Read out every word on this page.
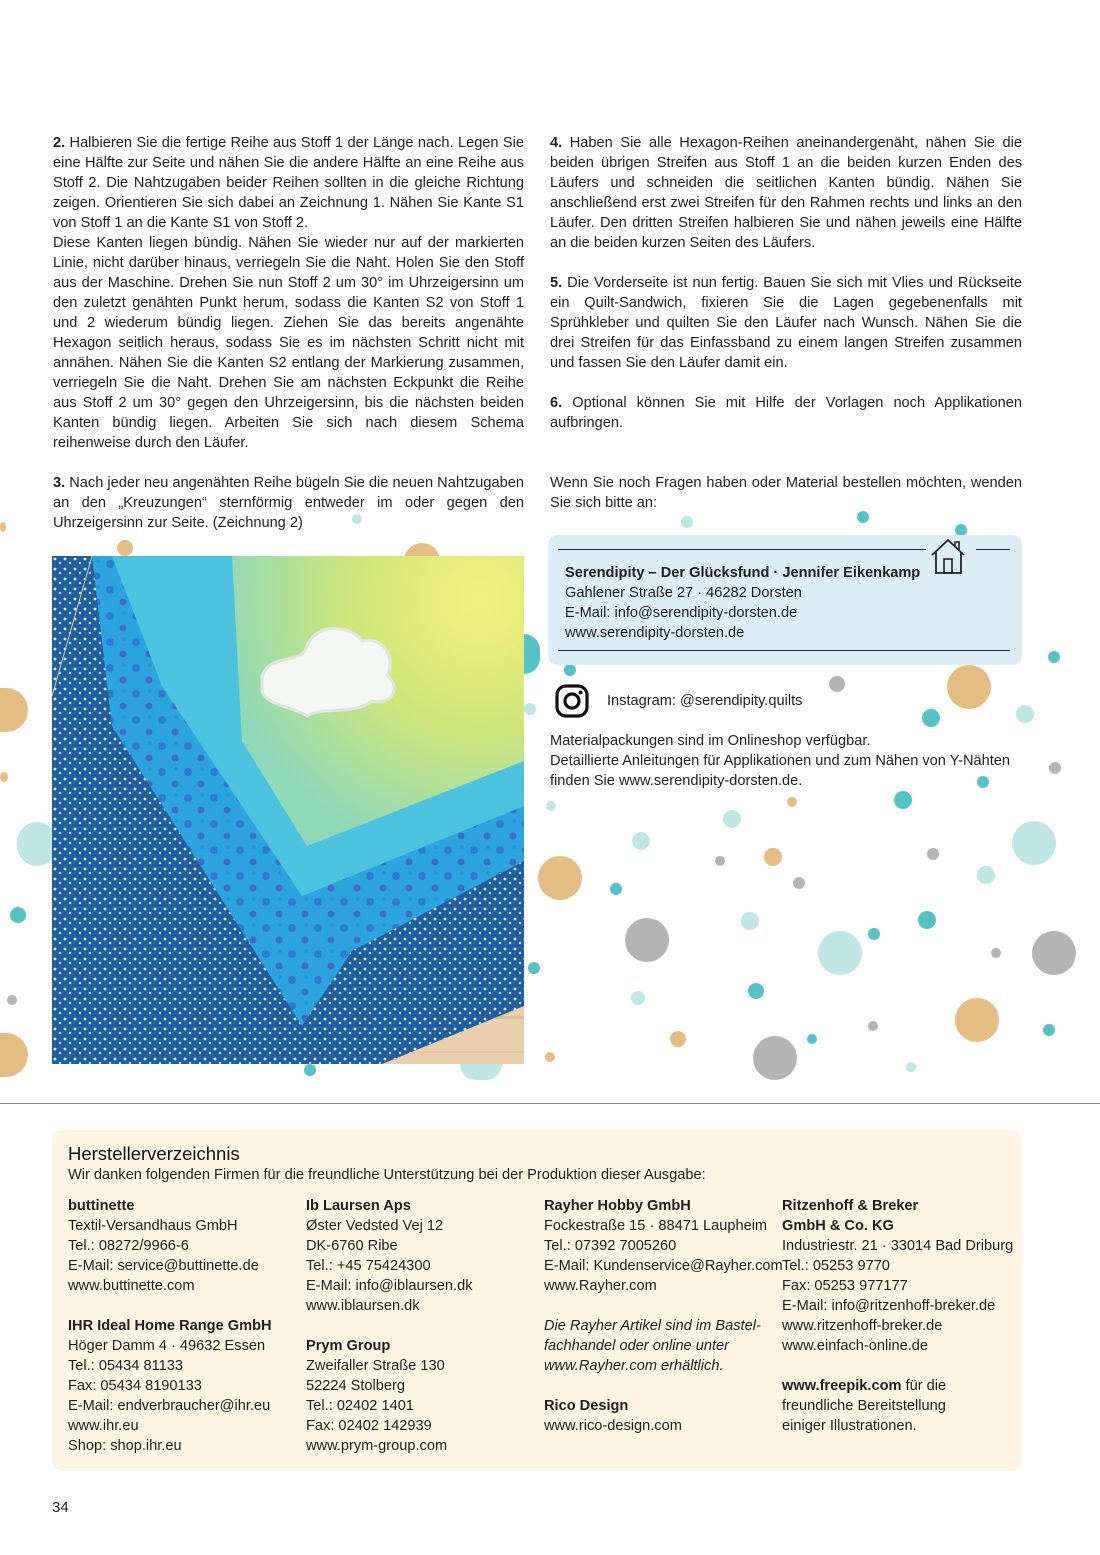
2. Halbieren Sie die fertige Reihe aus Stoff 1 der Länge nach. Legen Sie eine Hälfte zur Seite und nähen Sie die andere Hälfte an eine Reihe aus Stoff 2. Die Nahtzugaben beider Reihen sollten in die gleiche Richtung zeigen. Orientieren Sie sich dabei an Zeichnung 1. Nähen Sie Kante S1 von Stoff 1 an die Kante S1 von Stoff 2.

Diese Kanten liegen bündig. Nähen Sie wieder nur auf der markierten Linie, nicht darüber hinaus, verriegeln Sie die Naht. Holen Sie den Stoff aus der Maschine. Drehen Sie nun Stoff 2 um 30° im Uhrzeigersinn um den zuletzt genähten Punkt herum, sodass die Kanten S2 von Stoff 1 und 2 wiederum bündig liegen. Ziehen Sie das bereits angenähte Hexagon seitlich heraus, sodass Sie es im nächsten Schritt nicht mit annähen. Nähen Sie die Kanten S2 entlang der Markierung zusammen, verriegeln Sie die Naht. Drehen Sie am nächsten Eckpunkt die Reihe aus Stoff 2 um 30° gegen den Uhrzeigersinn, bis die nächsten beiden Kanten bündig liegen. Arbeiten Sie sich nach diesem Schema reihenweise durch den Läufer.

3. Nach jeder neu angenähten Reihe bügeln Sie die neuen Nahtzugaben an den „Kreuzungen“ sternförmig entweder im oder gegen den Uhrzeigersinn zur Seite. (Zeichnung 2)

4. Haben Sie alle Hexagon-Reihen aneinandergenäht, nähen Sie die beiden übrigen Streifen aus Stoff 1 an die beiden kurzen Enden des Läufers und schneiden die seitlichen Kanten bündig. Nähen Sie anschließend erst zwei Streifen für den Rahmen rechts und links an den Läufer. Den dritten Streifen halbieren Sie und nähen jeweils eine Hälfte an die beiden kurzen Seiten des Läufers.

5. Die Vorderseite ist nun fertig. Bauen Sie sich mit Vlies und Rückseite ein Quilt-Sandwich, fixieren Sie die Lagen gegebenenfalls mit Sprühkleber und quilten Sie den Läufer nach Wunsch. Nähen Sie die drei Streifen für das Einfassband zu einem langen Streifen zusammen und fassen Sie den Läufer damit ein.

6. Optional können Sie mit Hilfe der Vorlagen noch Applikationen aufbringen.

Wenn Sie noch Fragen haben oder Material bestellen möchten, wenden Sie sich bitte an:

Serendipity – Der Glücksfund · Jennifer Eikenkamp
Gahlener Straße 27 · 46282 Dorsten
E-Mail: info@serendipity-dorsten.de
www.serendipity-dorsten.de
Instagram: @serendipity.quilts
Materialpackungen sind im Onlineshop verfügbar.
Detaillierte Anleitungen für Applikationen und zum Nähen von Y-Nähten finden Sie www.serendipity-dorsten.de.
Herstellerverzeichnis
Wir danken folgenden Firmen für die freundliche Unterstützung bei der Produktion dieser Ausgabe:

buttinette

Textil-Versandhaus GmbH

Tel.: 08272/9966-6

E-Mail: service@buttinette.de

www.buttinette.com

IHR Ideal Home Range GmbH

Höger Damm 4 · 49632 Essen

Tel.: 05434 81133

Fax: 05434 8190133

E-Mail: endverbraucher@ihr.eu

www.ihr.eu

Shop: shop.ihr.eu

Ib Laursen Aps

Øster Vedsted Vej 12

DK-6760 Ribe

Tel.: +45 75424300

E-Mail: info@iblaursen.dk

www.iblaursen.dk

Prym Group

Zweifaller Straße 130

52224 Stolberg

Tel.: 02402 1401

Fax: 02402 142939

www.prym-group.com

Rayher Hobby GmbH

Fockestraße 15 · 88471 Laupheim

Tel.: 07392 7005260

E-Mail: Kundenservice@Rayher.com

www.Rayher.com

Die Rayher Artikel sind im Bastel-

fachhandel oder online unter

www.Rayher.com erhältlich.

Rico Design

www.rico-design.com

Ritzenhoff & Breker

GmbH & Co. KG

Industriestr. 21 · 33014 Bad Driburg

Tel.: 05253 9770

Fax: 05253 977177

E-Mail: info@ritzenhoff-breker.de

www.ritzenhoff-breker.de

www.einfach-online.de

www.freepik.com für die

freundliche Bereitstellung

einiger Illustrationen.

34
